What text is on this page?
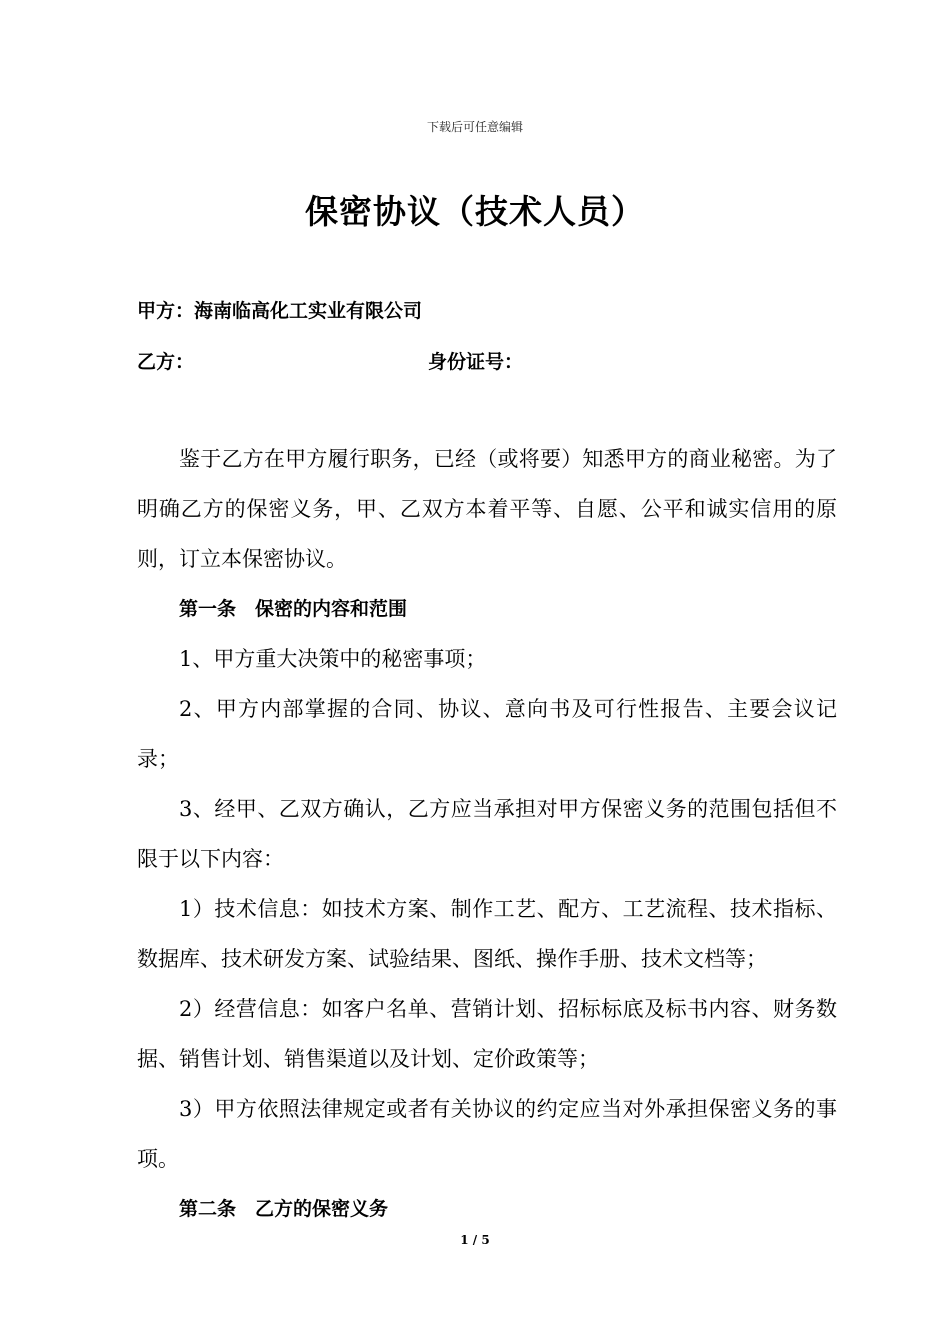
下载后可任意编辑
保密协议（技术人员）
甲方：海南临高化工实业有限公司
乙方：	身份证号：

鉴于乙方在甲方履行职务，已经（或将要）知悉甲方的商业秘密。为了明确乙方的保密义务，甲、乙双方本着平等、自愿、公平和诚实信用的原则，订立本保密协议。

第一条　保密的内容和范围

1、甲方重大决策中的秘密事项；

2、甲方内部掌握的合同、协议、意向书及可行性报告、主要会议记录；

3、经甲、乙双方确认，乙方应当承担对甲方保密义务的范围包括但不限于以下内容：

1）技术信息：如技术方案、制作工艺、配方、工艺流程、技术指标、数据库、技术研发方案、试验结果、图纸、操作手册、技术文档等；

2）经营信息：如客户名单、营销计划、招标标底及标书内容、财务数据、销售计划、销售渠道以及计划、定价政策等；

3）甲方依照法律规定或者有关协议的约定应当对外承担保密义务的事项。

第二条　乙方的保密义务

1 / 5
